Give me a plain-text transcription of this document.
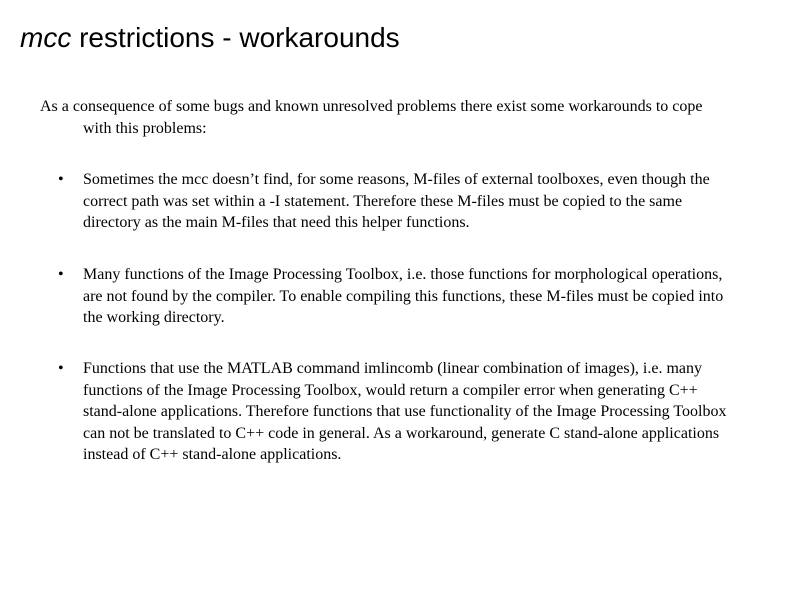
mcc restrictions - workarounds
As a consequence of some bugs and known unresolved problems there exist some workarounds to cope with this problems:
• Sometimes the mcc doesn’t find, for some reasons, M-files of external toolboxes, even though the correct path was set within a -I statement. Therefore these M-files must be copied to the same directory as the main M-files that need this helper functions.
• Many functions of the Image Processing Toolbox, i.e. those functions for morphological operations, are not found by the compiler. To enable compiling this functions, these M-files must be copied into the working directory.
• Functions that use the MATLAB command imlincomb (linear combination of images), i.e. many functions of the Image Processing Toolbox, would return a compiler error when generating C++ stand-alone applications. Therefore functions that use functionality of the Image Processing Toolbox can not be translated to C++ code in general. As a workaround, generate C stand-alone applications instead of C++ stand-alone applications.
